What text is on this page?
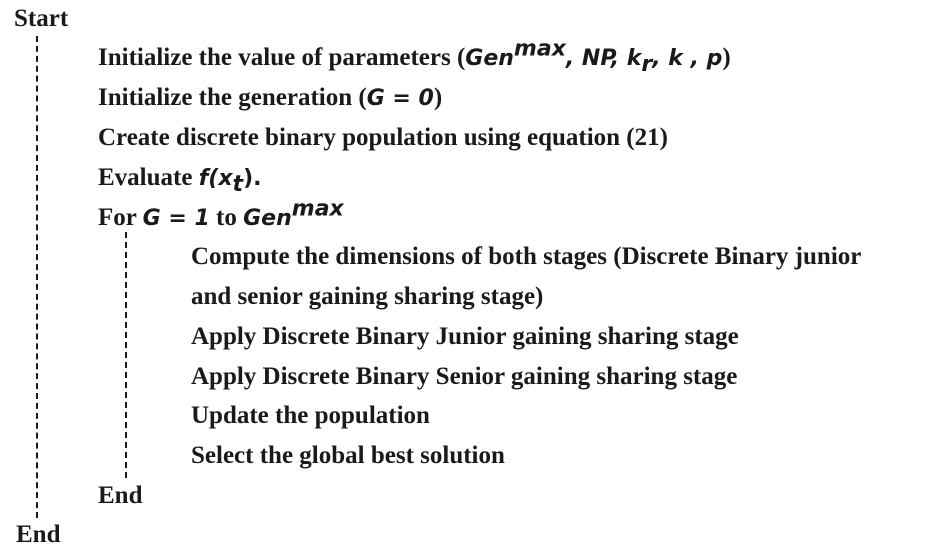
Start
Initialize the value of parameters (Gen$^{max}$, NP, $k_r$, k , p)
Initialize the generation (G = 0)
Create discrete binary population using equation (21)
Evaluate $f(x_t)$.
For G = 1 to Gen$^{max}$
Compute the dimensions of both stages (Discrete Binary junior
and senior gaining sharing stage)
Apply Discrete Binary Junior gaining sharing stage
Apply Discrete Binary Senior gaining sharing stage
Update the population
Select the global best solution
End
End
